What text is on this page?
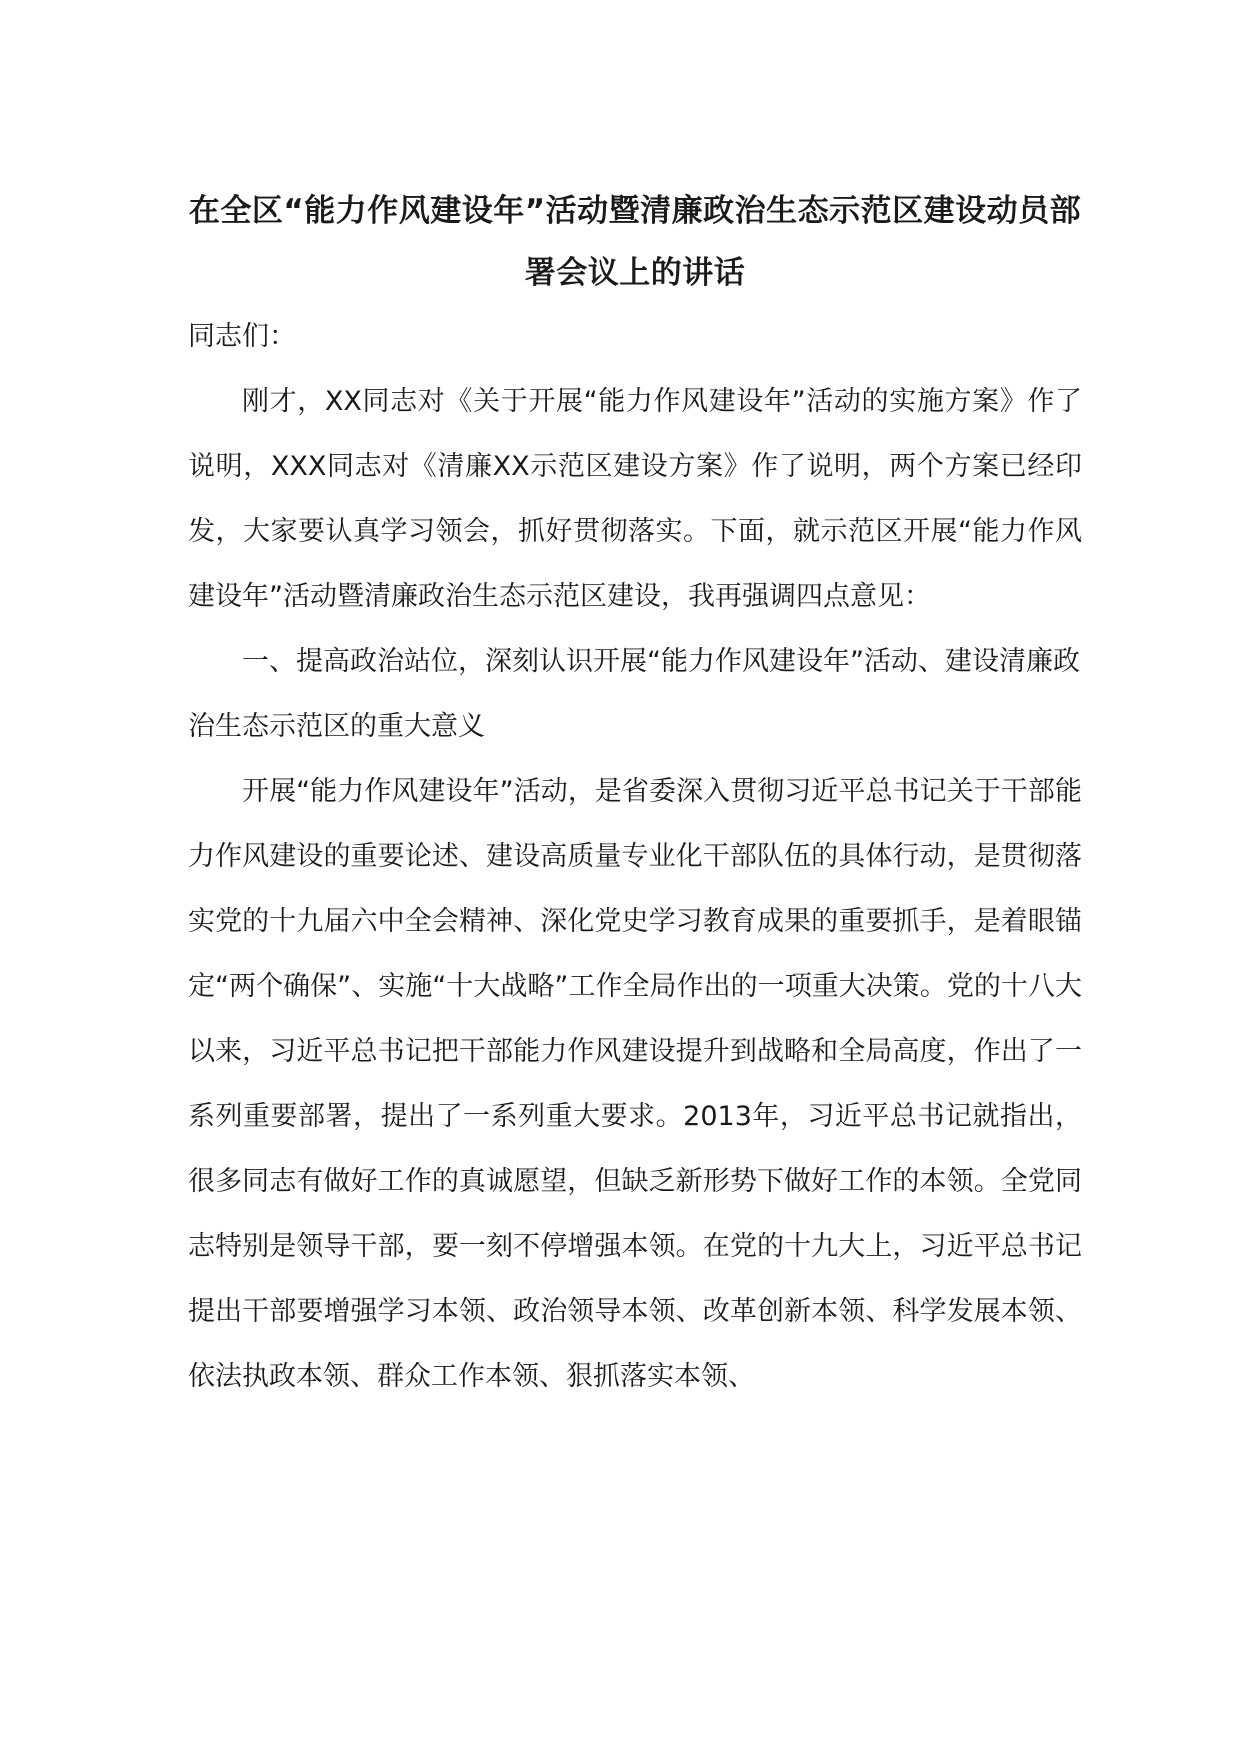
在全区“能力作风建设年”活动暨清廉政治生态示范区建设动员部署会议上的讲话

同志们：

刚才，XX同志对《关于开展“能力作风建设年”活动的实施方案》作了说明，XXX同志对《清廉XX示范区建设方案》作了说明，两个方案已经印发，大家要认真学习领会，抓好贯彻落实。下面，就示范区开展“能力作风建设年”活动暨清廉政治生态示范区建设，我再强调四点意见：

一、提高政治站位，深刻认识开展“能力作风建设年”活动、建设清廉政治生态示范区的重大意义

开展“能力作风建设年”活动，是省委深入贯彻习近平总书记关于干部能力作风建设的重要论述、建设高质量专业化干部队伍的具体行动，是贯彻落实党的十九届六中全会精神、深化党史学习教育成果的重要抓手，是着眼锚定“两个确保”、实施“十大战略”工作全局作出的一项重大决策。党的十八大以来，习近平总书记把干部能力作风建设提升到战略和全局高度，作出了一系列重要部署，提出了一系列重大要求。2013年，习近平总书记就指出，很多同志有做好工作的真诚愿望，但缺乏新形势下做好工作的本领。全党同志特别是领导干部，要一刻不停增强本领。在党的十九大上，习近平总书记提出干部要增强学习本领、政治领导本领、改革创新本领、科学发展本领、依法执政本领、群众工作本领、狠抓落实本领、
